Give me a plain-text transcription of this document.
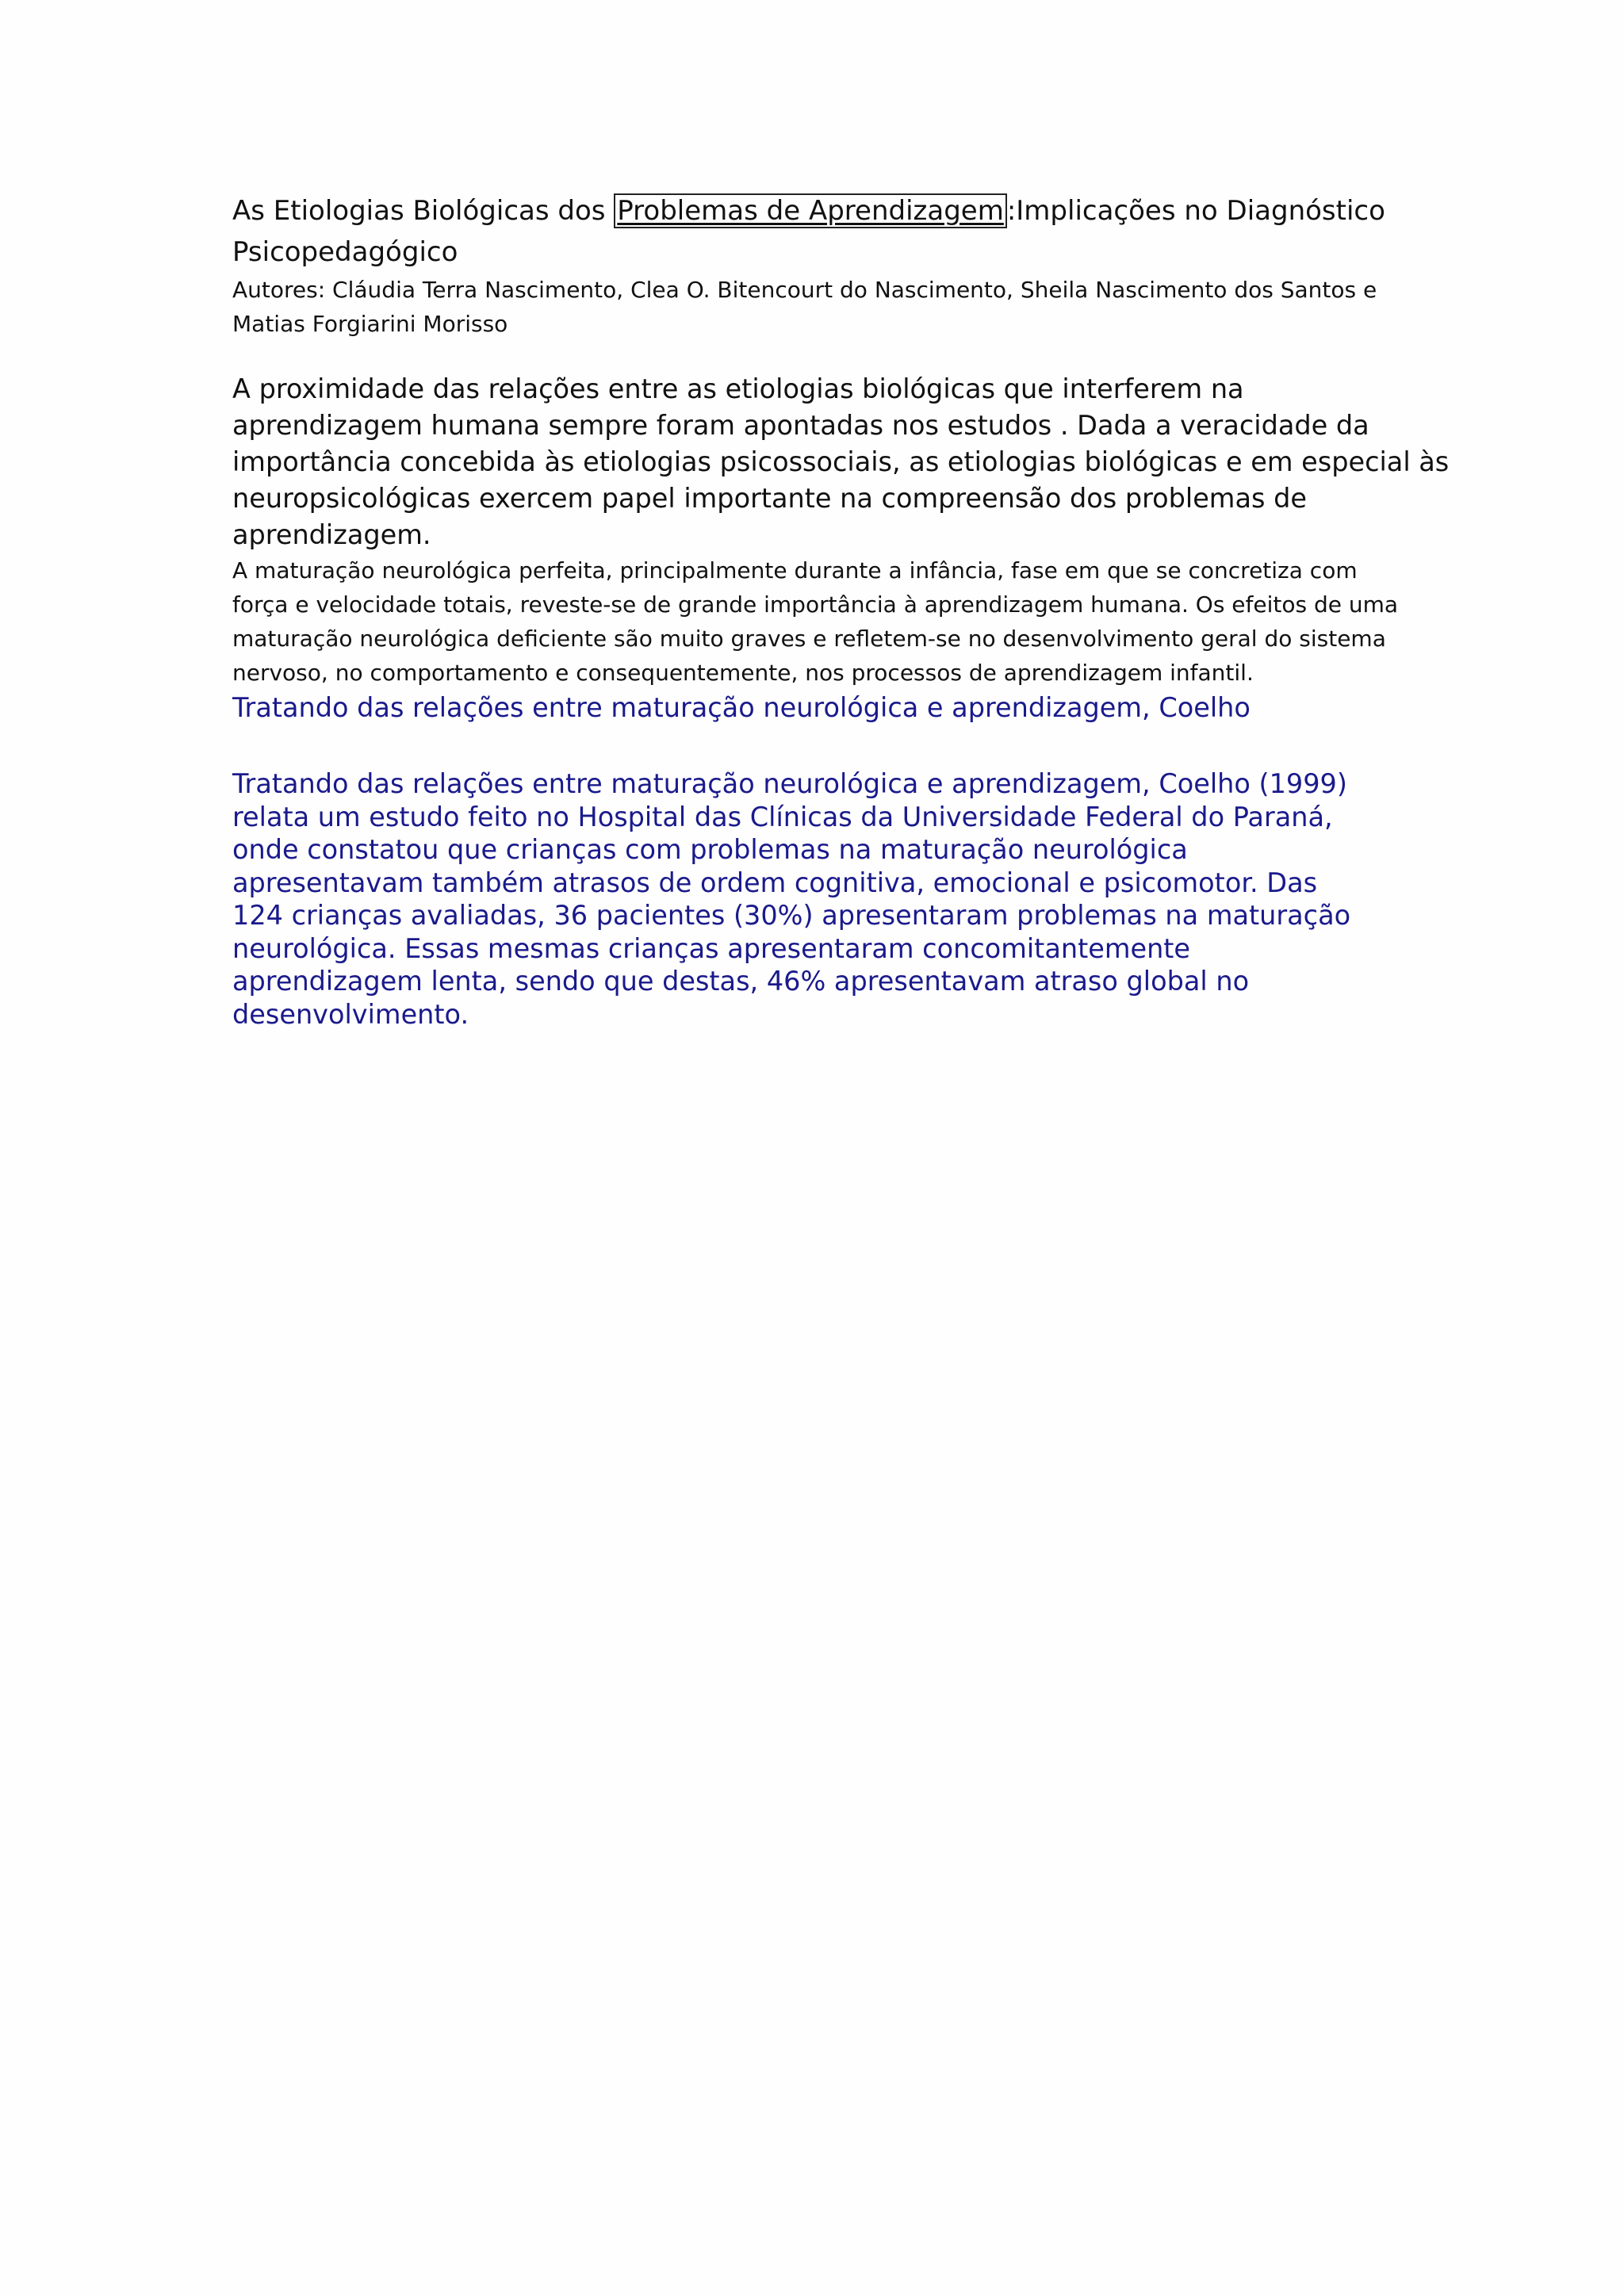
As Etiologias Biológicas dos Problemas de Aprendizagem :Implicações no Diagnóstico
Psicopedagógico

Autores: Cláudia Terra Nascimento, Clea O. Bitencourt do Nascimento, Sheila Nascimento dos Santos e
Matias Forgiarini Morisso

A proximidade das relações entre as etiologias biológicas que interferem na
aprendizagem humana sempre foram apontadas nos estudos . Dada a veracidade da
importância concebida às etiologias psicossociais, as etiologias biológicas e em especial às
neuropsicológicas exercem papel importante na compreensão dos problemas de
aprendizagem.

A maturação neurológica perfeita, principalmente durante a infância, fase em que se concretiza com
força e velocidade totais, reveste-se de grande importância à aprendizagem humana. Os efeitos de uma
maturação neurológica deficiente são muito graves e refletem-se no desenvolvimento geral do sistema
nervoso, no comportamento e consequentemente, nos processos de aprendizagem infantil.

Tratando das relações entre maturação neurológica e aprendizagem, Coelho

Tratando das relações entre maturação neurológica e aprendizagem, Coelho (1999)
relata um estudo feito no Hospital das Clínicas da Universidade Federal do Paraná,
onde constatou que crianças com problemas na maturação neurológica
apresentavam também atrasos de ordem cognitiva, emocional e psicomotor. Das
124 crianças avaliadas, 36 pacientes (30%) apresentaram problemas na maturação
neurológica. Essas mesmas crianças apresentaram concomitantemente
aprendizagem lenta, sendo que destas, 46% apresentavam atraso global no
desenvolvimento.
